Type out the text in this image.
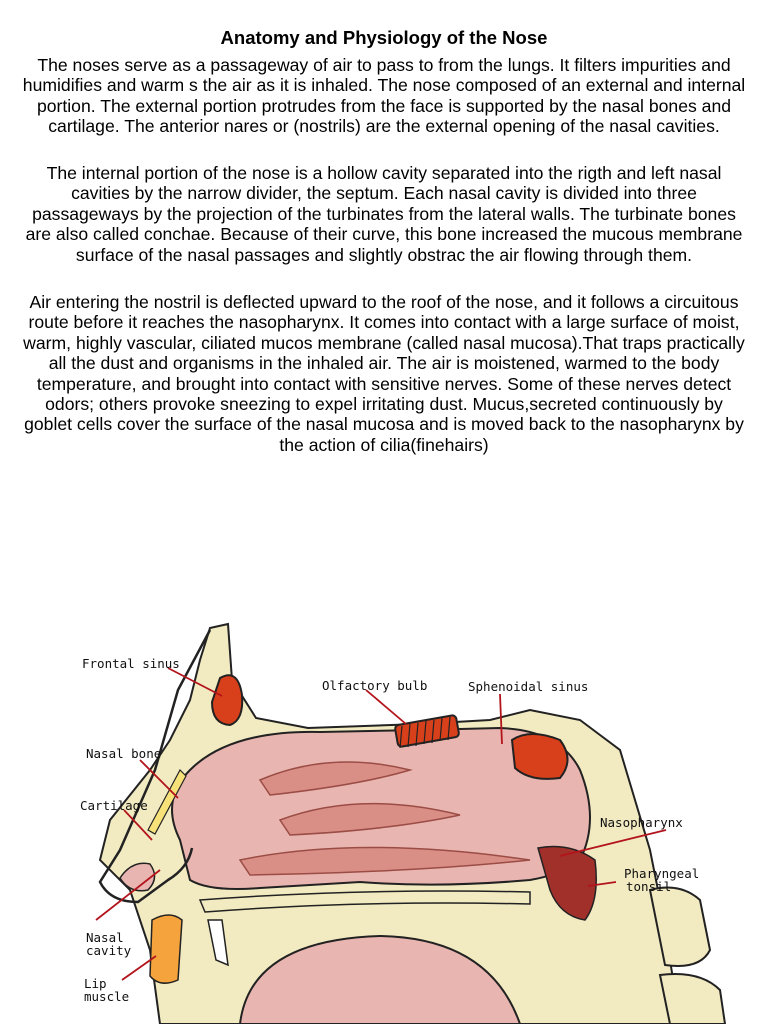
Anatomy and Physiology of the Nose

The noses serve as a passageway of air to pass to from the lungs. It filters impurities and humidifies and warm s the air as it is inhaled. The nose composed of an external and internal portion. The external portion protrudes from the face is supported by the nasal bones and cartilage. The anterior nares or (nostrils) are the external opening of the nasal cavities.

The internal portion of the nose is a hollow cavity separated into the rigth and left nasal cavities by the narrow divider, the septum. Each nasal cavity is divided into three passageways by the projection of the turbinates from the lateral walls. The turbinate bones are also called conchae. Because of their curve, this bone increased the mucous membrane surface of the nasal passages and slightly obstrac the air flowing through them.

Air entering the nostril is deflected upward to the roof of the nose, and it follows a circuitous route before it reaches the nasopharynx. It comes into contact with a large surface of moist, warm, highly vascular, ciliated mucos membrane (called nasal mucosa).That traps practically all the dust and organisms in the inhaled air. The air is moistened, warmed to the body temperature, and brought into contact with sensitive nerves. Some of these nerves detect odors; others provoke sneezing to expel irritating dust. Mucus,secreted continuously by goblet cells cover the surface of the nasal mucosa and is moved back to the nasopharynx by the action of cilia(finehairs)

Frontal sinus
Olfactory bulb	Sphenoidal sinus
Nasal bone
Cartilage
Nasopharynx
Pharyngeal
tonsil
Nasal
cavity
Lip
muscle
